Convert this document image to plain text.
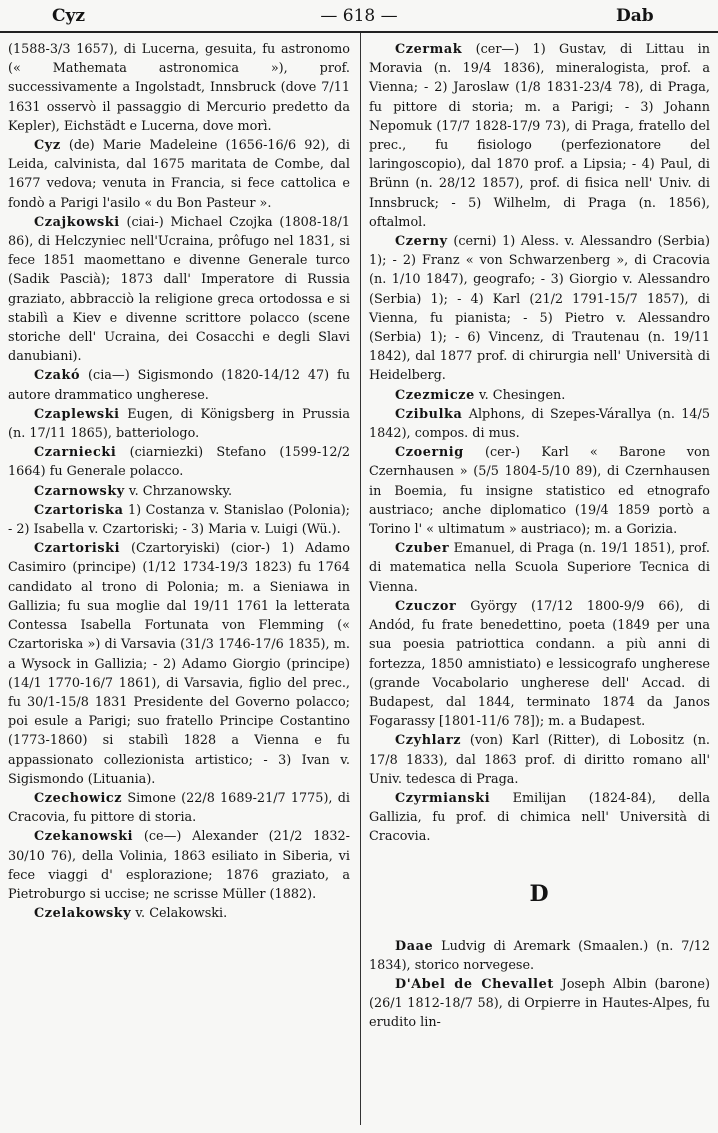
Cyz	— 618 —	Dab

(1588-3/3 1657), di Lucerna, gesuita, fu astronomo (« Mathemata astronomica »), prof. successivamente a Ingolstadt, Innsbruck (dove 7/11 1631 osservò il passaggio di Mercurio predetto da Kepler), Eichstädt e Lucerna, dove morì.

Cyz (de) Marie Madeleine (1656-16/6 92), di Leida, calvinista, dal 1675 maritata de Combe, dal 1677 vedova; venuta in Francia, si fece cattolica e fondò a Parigi l'asilo « du Bon Pasteur ».

Czajkowski (ciai-) Michael Czojka (1808-18/1 86), di Helczyniec nell'Ucraina, prôfugo nel 1831, si fece 1851 maomettano e divenne Generale turco (Sadik Pascià); 1873 dall' Imperatore di Russia graziato, abbracciò la religione greca ortodossa e si stabilì a Kiev e divenne scrittore polacco (scene storiche dell' Ucraina, dei Cosacchi e degli Slavi danubiani).

Czakó (cia—) Sigismondo (1820-14/12 47) fu autore drammatico ungherese.

Czaplewski Eugen, di Königsberg in Prussia (n. 17/11 1865), batteriologo.

Czarniecki (ciarniezki) Stefano (1599-12/2 1664) fu Generale polacco.

Czarnowsky v. Chrzanowsky.

Czartoriska 1) Costanza v. Stanislao (Polonia); - 2) Isabella v. Czartoriski; - 3) Maria v. Luigi (Wü.).

Czartoriski (Czartoryiski) (cior-) 1) Adamo Casimiro (principe) (1/12 1734-19/3 1823) fu 1764 candidato al trono di Polonia; m. a Sieniawa in Gallizia; fu sua moglie dal 19/11 1761 la letterata Contessa Isabella Fortunata von Flemming (« Czartoriska ») di Varsavia (31/3 1746-17/6 1835), m. a Wysock in Gallizia; - 2) Adamo Giorgio (principe) (14/1 1770-16/7 1861), di Varsavia, figlio del prec., fu 30/1-15/8 1831 Presidente del Governo polacco; poi esule a Parigi; suo fratello Principe Costantino (1773-1860) si stabilì 1828 a Vienna e fu appassionato collezionista artistico; - 3) Ivan v. Sigismondo (Lituania).

Czechowicz Simone (22/8 1689-21/7 1775), di Cracovia, fu pittore di storia.

Czekanowski (ce—) Alexander (21/2 1832-30/10 76), della Volinia, 1863 esiliato in Siberia, vi fece viaggi d' esplorazione; 1876 graziato, a Pietroburgo si uccise; ne scrisse Müller (1882).

Czelakowsky v. Celakowski.

Czermak (cer—) 1) Gustav, di Littau in Moravia (n. 19/4 1836), mineralogista, prof. a Vienna; - 2) Jaroslaw (1/8 1831-23/4 78), di Praga, fu pittore di storia; m. a Parigi; - 3) Johann Nepomuk (17/7 1828-17/9 73), di Praga, fratello del prec., fu fisiologo (perfezionatore del laringoscopio), dal 1870 prof. a Lipsia; - 4) Paul, di Brünn (n. 28/12 1857), prof. di fisica nell' Univ. di Innsbruck; - 5) Wilhelm, di Praga (n. 1856), oftalmol.

Czerny (cerni) 1) Aless. v. Alessandro (Serbia) 1); - 2) Franz « von Schwarzenberg », di Cracovia (n. 1/10 1847), geografo; - 3) Giorgio v. Alessandro (Serbia) 1); - 4) Karl (21/2 1791-15/7 1857), di Vienna, fu pianista; - 5) Pietro v. Alessandro (Serbia) 1); - 6) Vincenz, di Trautenau (n. 19/11 1842), dal 1877 prof. di chirurgia nell' Università di Heidelberg.

Czezmicze v. Chesingen.

Czibulka Alphons, di Szepes-Várallya (n. 14/5 1842), compos. di mus.

Czoernig (cer-) Karl « Barone von Czernhausen » (5/5 1804-5/10 89), di Czernhausen in Boemia, fu insigne statistico ed etnografo austriaco; anche diplomatico (19/4 1859 portò a Torino l' « ultimatum » austriaco); m. a Gorizia.

Czuber Emanuel, di Praga (n. 19/1 1851), prof. di matematica nella Scuola Superiore Tecnica di Vienna.

Czuczor György (17/12 1800-9/9 66), di Andód, fu frate benedettino, poeta (1849 per una sua poesia patriottica condann. a più anni di fortezza, 1850 amnistiato) e lessicografo ungherese (grande Vocabolario ungherese dell' Accad. di Budapest, dal 1844, terminato 1874 da Janos Fogarassy [1801-11/6 78]); m. a Budapest.

Czyhlarz (von) Karl (Ritter), di Lobositz (n. 17/8 1833), dal 1863 prof. di diritto romano all' Univ. tedesca di Praga.

Czyrmianski Emilijan (1824-84), della Gallizia, fu prof. di chimica nell' Università di Cracovia.

D

Daae Ludvig di Aremark (Smaalen.) (n. 7/12 1834), storico norvegese.

D'Abel de Chevallet Joseph Albin (barone) (26/1 1812-18/7 58), di Orpierre in Hautes-Alpes, fu erudito lin-
